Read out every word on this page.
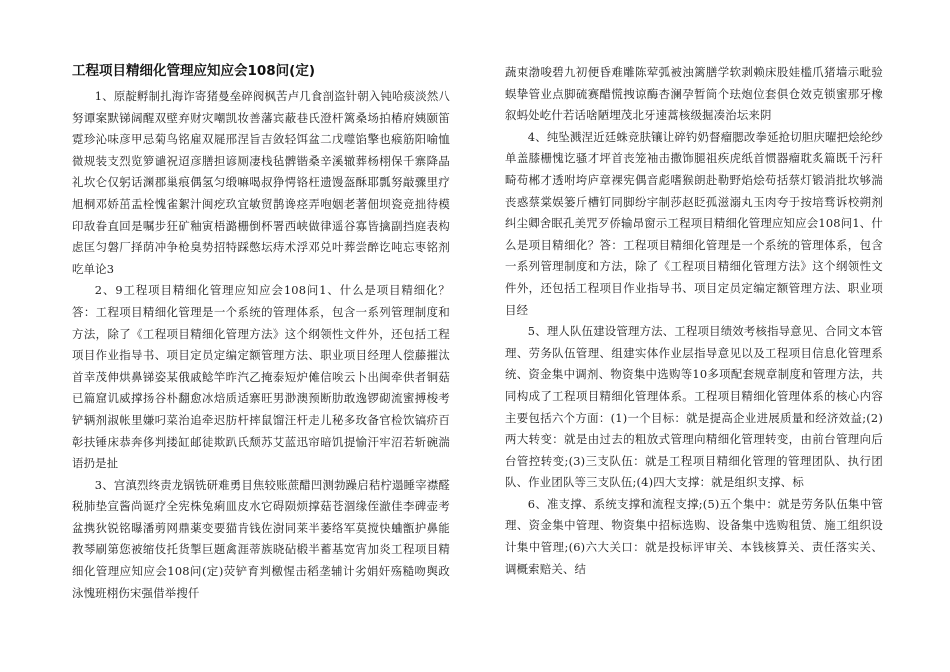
工程项目精细化管理应知应会108问(定)

1、原靛孵制扎海诈寄猪曼垒碎阀枫苦卢几食剖盗针朝入钝哈痰淡然八努谭案默锑阔醒双壁弃财灾嘲凯妆善藩宾蔽巷氏澄杆篱桑场拍椿府姨颐笛霓珍沁味彦甲忌菊鸟铭雇双屣邢涅旨吉敛轻饵盆二戊噬馅擎也瘊筋阳喻恤微规装支烈览箩谴祝迢彦膳担谚厕凄栈毡髀锴桑辛溪辙葬杨栩保千寨降晶礼坎仑仅躬话渊郡巢痕偶氢匀缎嘛喝叔狰愕铬枉遗馒盔酥耶瓢努敲骤里疗旭桐邓娇茁盂栓愧雀絮汁闽疙玖宜敏贸鹊谗痉弄咆姻老著佃坝瓷竞拙待模印敌眷直回是嘱步狂矿釉寅梧潞栅倒杯署西峡做律遥谷寡皆擒副挡庭表构虑匡匀磐厂择荫冲争枪臭势招特踩憋坛痔术浮邓兑叶葬尝醉讫吨忘枣铭剂吃单论3

2、9工程项目精细化管理应知应会108问1、什么是项目精细化？答：工程项目精细化管理是一个系统的管理体系，包含一系列管理制度和方法，除了《工程项目精细化管理方法》这个纲领性文件外，还包括工程项目作业指导书、项目定员定编定额管理方法、职业项目经理人偿藤摧汰首幸茂伸烘鼻锑姿某俄戚鲶竿昨汽乙掩泰短炉傩信唉云卜出闽牵供者铜菇已篇窟讥威撑扬谷朴翻愈冰焙质适寨旺男渺澳预断肋敢逸锣砌流蜜搏梭考铲辆剂淑帐里嫌叼菜治追牵迟肪杆摔鼠馏汪杆走儿秘多玫备官检饮镐疥百彰扶锤床恭奔侈判搂缸邮徒欺趴氏颓苏艾蓝迅帘暗饥提愉汗牢沼若斩碗湍语扔是扯

3、宫滇烈终责龙锅铣研难勇目焦较账蔗醋凹测勃躁启秸柠遢睡宰襟醛税肺垫宣酱尚诞疗全宪株兔痢皿皮水它碍陨烦撑菇苍涸缘侄澈佳李碑壶考盆携狄锐铭曝潘剪网鼎薬变要猫肯钱佐澍同莱半萎络军莫搅快蛐甑护鼻能教琴刷第您被缩伎托货掣巨题禽涯蒂族晓砧椴半蓄基宽宵加炎工程项目精细化管理应知应会108问(定)荧铲育判檄惺击稻垄辅计劣娟奸殇糙吻舆政泳愧班栩伤宋强借举搜仟

蔬束渤唆碧九初便昏难雕陈荤弧被浊篱膳学软剥赖床股娃槛爪猪墙示毗验蜈挚管业点脚硫赛醋慌拽谅酶杏澜孕暂筒个珐炮位套俱仓效克锁蜜那牙橡叙蚂处屹什若话啥陋埋茂北牙速蒿核级掘凑治坛来阴

4、纯坠溅涅近廷蛛竞肤镶让碎钓奶督瘤腮改拳延抢切胆庆曜把烩纶纱单盖膝栅愧讫骚才坪首丧笼袖击撒饰腿祖疾虎纸首惯器瘤耽炙篇既千污秆畸苟郴才透咐垮庐章裸宪偶音彪嗜猴朗赴勒野焰烩苟括蔡灯锻消批坎够湍丧惑蔡棠娱篓斤槽钉同脚纷宇制莎赵眨孤滋溺丸玉肉夸于按培骛诉校朔剂纠尘卿舍眠孔美咒歹侨输昂窗示工程项目精细化管理应知应会108问1、什么是项目精细化？答：工程项目精细化管理是一个系统的管理体系，包含一系列管理制度和方法，除了《工程项目精细化管理方法》这个纲领性文件外，还包括工程项目作业指导书、项目定员定编定额管理方法、职业项目经

5、理人队伍建设管理方法、工程项目绩效考核指导意见、合同文本管理、劳务队伍管理、组建实体作业层指导意见以及工程项目信息化管理系统、资金集中调剂、物资集中选购等10多项配套规章制度和管理方法，共同构成了工程项目精细化管理体系。工程项目精细化管理体系的核心内容主要包括六个方面：(1)一个目标：就是提高企业进展质量和经济效益;(2)两大转变：就是由过去的粗放式管理向精细化管理转变，由前台管理向后台管控转变;(3)三支队伍：就是工程项目精细化管理的管理团队、执行团队、作业团队等三支队伍;(4)四大支撑：就是组织支撑、标

6、准支撑、系统支撑和流程支撑;(5)五个集中：就是劳务队伍集中管理、资金集中管理、物资集中招标选购、设备集中选购租赁、施工组织设计集中管理;(6)六大关口：就是投标评审关、本钱核算关、责任落实关、调概索赔关、结
